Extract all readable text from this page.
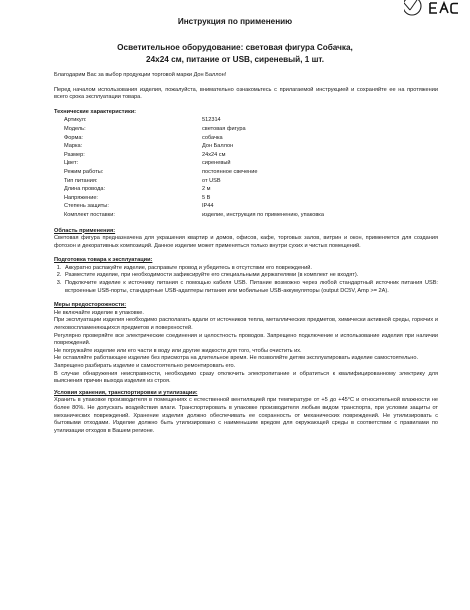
Инструкция по применению
Осветительное оборудование: световая фигура Собачка,
24х24 см, питание от USB, сиреневый, 1 шт.

Благодарим Вас за выбор продукции торговой марки Дон Баллон!

Перед началом использования изделия, пожалуйста, внимательно ознакомьтесь с прилагаемой инструкцией и сохраняйте ее на протяжении всего срока эксплуатации товара.

Технические характеристики:

Артикул:	512314
Модель:	световая фигура
Форма:	собачка
Марка:	Дон Баллон
Размер:	24х24 см
Цвет:	сиреневый
Режим работы:	постоянное свечение
Тип питания:	от USB
Длина провода:	2 м
Напряжение:	5 В
Степень защиты:	IP44
Комплект поставки:	изделие, инструкция по применению, упаковка

Область применения:

Световая фигура предназначена для украшения квартир и домов, офисов, кафе, торговых залов, витрин и окон, применяется для создания фотозон и декоративных композиций. Данное изделие может применяться только внутри сухих и чистых помещений.

Подготовка товара к эксплуатации:

1. Аккуратно распакуйте изделие, расправьте провод и убедитесь в отсутствии его повреждений.
2. Разместите изделие, при необходимости зафиксируйте его специальными держателями (в комплект не входят).
3. Подключите изделие к источнику питания с помощью кабеля USB. Питание возможно через любой стандартный источник питания USB: встроенные USB-порты, стандартные USB-адаптеры питания или мобильные USB-аккумуляторы (output DC5V, Amp >= 2A).

Меры предосторожности:

Не включайте изделие в упаковке.

При эксплуатации изделия необходимо располагать вдали от источников тепла, металлических предметов, химически активной среды, горючих и легковоспламеняющихся предметов и поверхностей.

Регулярно проверяйте все электрические соединения и целостность проводов. Запрещено подключение и использование изделия при наличии повреждений.

Не погружайте изделие или его части в воду или другие жидкости для того, чтобы очистить их.

Не оставляйте работающее изделие без присмотра на длительное время. Не позволяйте детям эксплуатировать изделие самостоятельно.

Запрещено разбирать изделие и самостоятельно ремонтировать его.

В случае обнаружения неисправности, необходимо сразу отключить электропитание и обратиться к квалифицированному электрику для выяснения причин выхода изделия из строя.

Условия хранения, транспортировки и утилизации:

Хранить в упаковке производителя в помещениях с естественной вентиляцией при температуре от +5 до +45°С и относительной влажности не более 80%. Не допускать воздействия влаги. Транспортировать в упаковке производителя любым видом транспорта, при условии защиты от механических повреждений. Хранение изделия должно обеспечивать ее сохранность от механических повреждений. Не утилизировать с бытовыми отходами. Изделие должно быть утилизировано с наименьшим вредом для окружающей среды в соответствии с правилами по утилизации отходов в Вашем регионе.
